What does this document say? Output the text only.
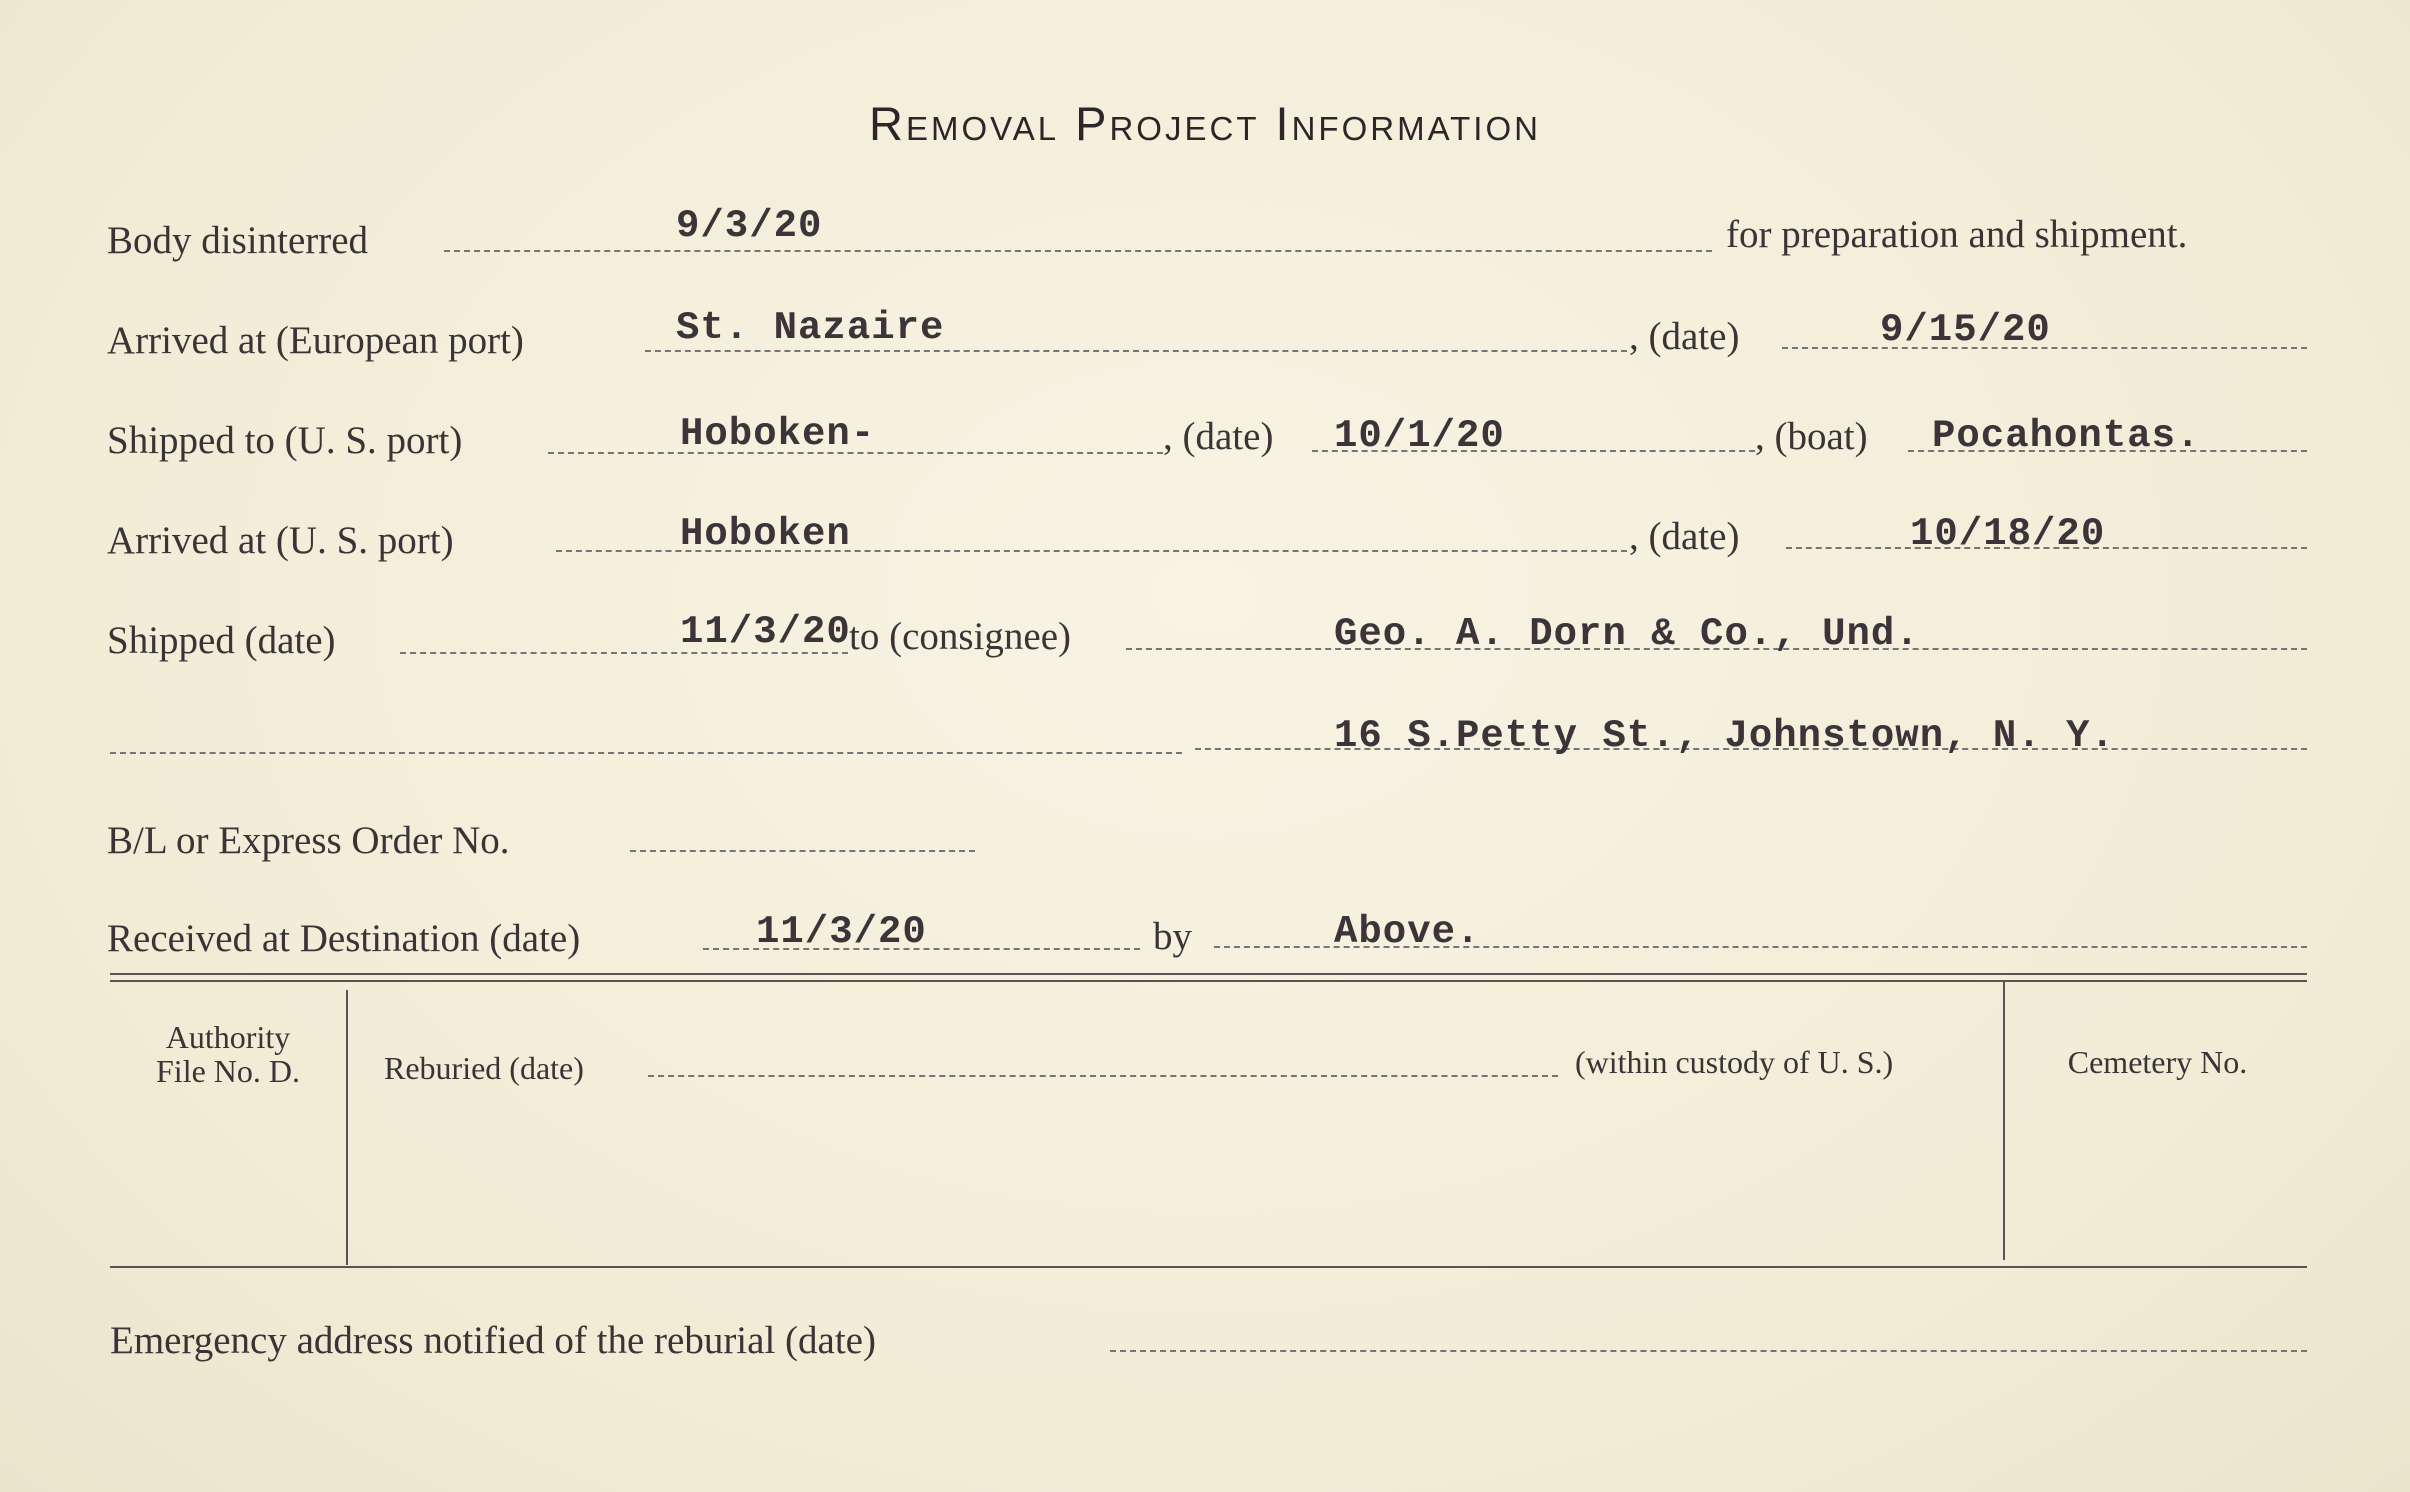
Removal Project Information
Body disinterred	9/3/20	for preparation and shipment.
Arrived at (European port)	St. Nazaire	, (date)	9/15/20
Shipped to (U. S. port)	Hoboken-	, (date) 10/1/20	, (boat) Pocahontas.
Arrived at (U. S. port)	Hoboken	, (date)	10/18/20
Shipped (date)	11/3/20
to (consignee)	Geo. A. Dorn & Co., Und.
16 S.Petty St., Johnstown, N. Y.
B/L or Express Order No.
Received at Destination (date)	11/3/20	by	Above.
Authority
File No. D.	Reburied (date)	(within custody of U. S.)	Cemetery No.
Emergency address notified of the reburial (date)
